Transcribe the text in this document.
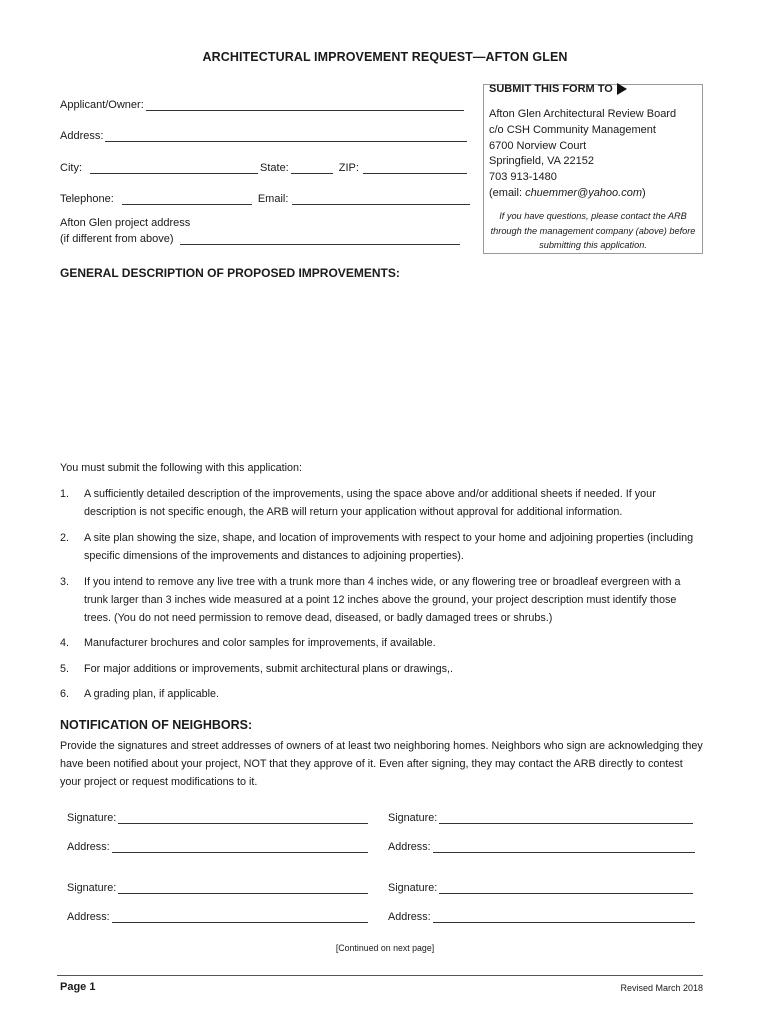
ARCHITECTURAL IMPROVEMENT REQUEST—AFTON GLEN
Applicant/Owner:
Address:
City:	State:	ZIP:
Telephone:	Email:
Afton Glen project address
(if different from above)
SUBMIT THIS FORM TO
Afton Glen Architectural Review Board
c/o CSH Community Management
6700 Norview Court
Springfield, VA 22152
703 913-1480
(email: chuemmer@yahoo.com)
If you have questions, please contact the ARB through the management company (above) before submitting this application.
GENERAL DESCRIPTION OF PROPOSED IMPROVEMENTS:
You must submit the following with this application:
1.	A sufficiently detailed description of the improvements, using the space above and/or additional sheets if needed. If your description is not specific enough, the ARB will return your application without approval for additional information.
2.	A site plan showing the size, shape, and location of improvements with respect to your home and adjoining properties (including specific dimensions of the improvements and distances to adjoining properties).
3.	If you intend to remove any live tree with a trunk more than 4 inches wide, or any flowering tree or broadleaf evergreen with a trunk larger than 3 inches wide measured at a point 12 inches above the ground, your project description must identify those trees. (You do not need permission to remove dead, diseased, or badly damaged trees or shrubs.)
4.	Manufacturer brochures and color samples for improvements, if available.
5.	For major additions or improvements, submit architectural plans or drawings,.
6.	A grading plan, if applicable.
NOTIFICATION OF NEIGHBORS:
Provide the signatures and street addresses of owners of at least two neighboring homes. Neighbors who sign are acknowledging they have been notified about your project, NOT that they approve of it. Even after signing, they may contact the ARB directly to contest your project or request modifications to it.
Signature:	Signature:
Address:	Address:
Signature:	Signature:
Address:	Address:
[Continued on next page]
Page 1	Revised March 2018
